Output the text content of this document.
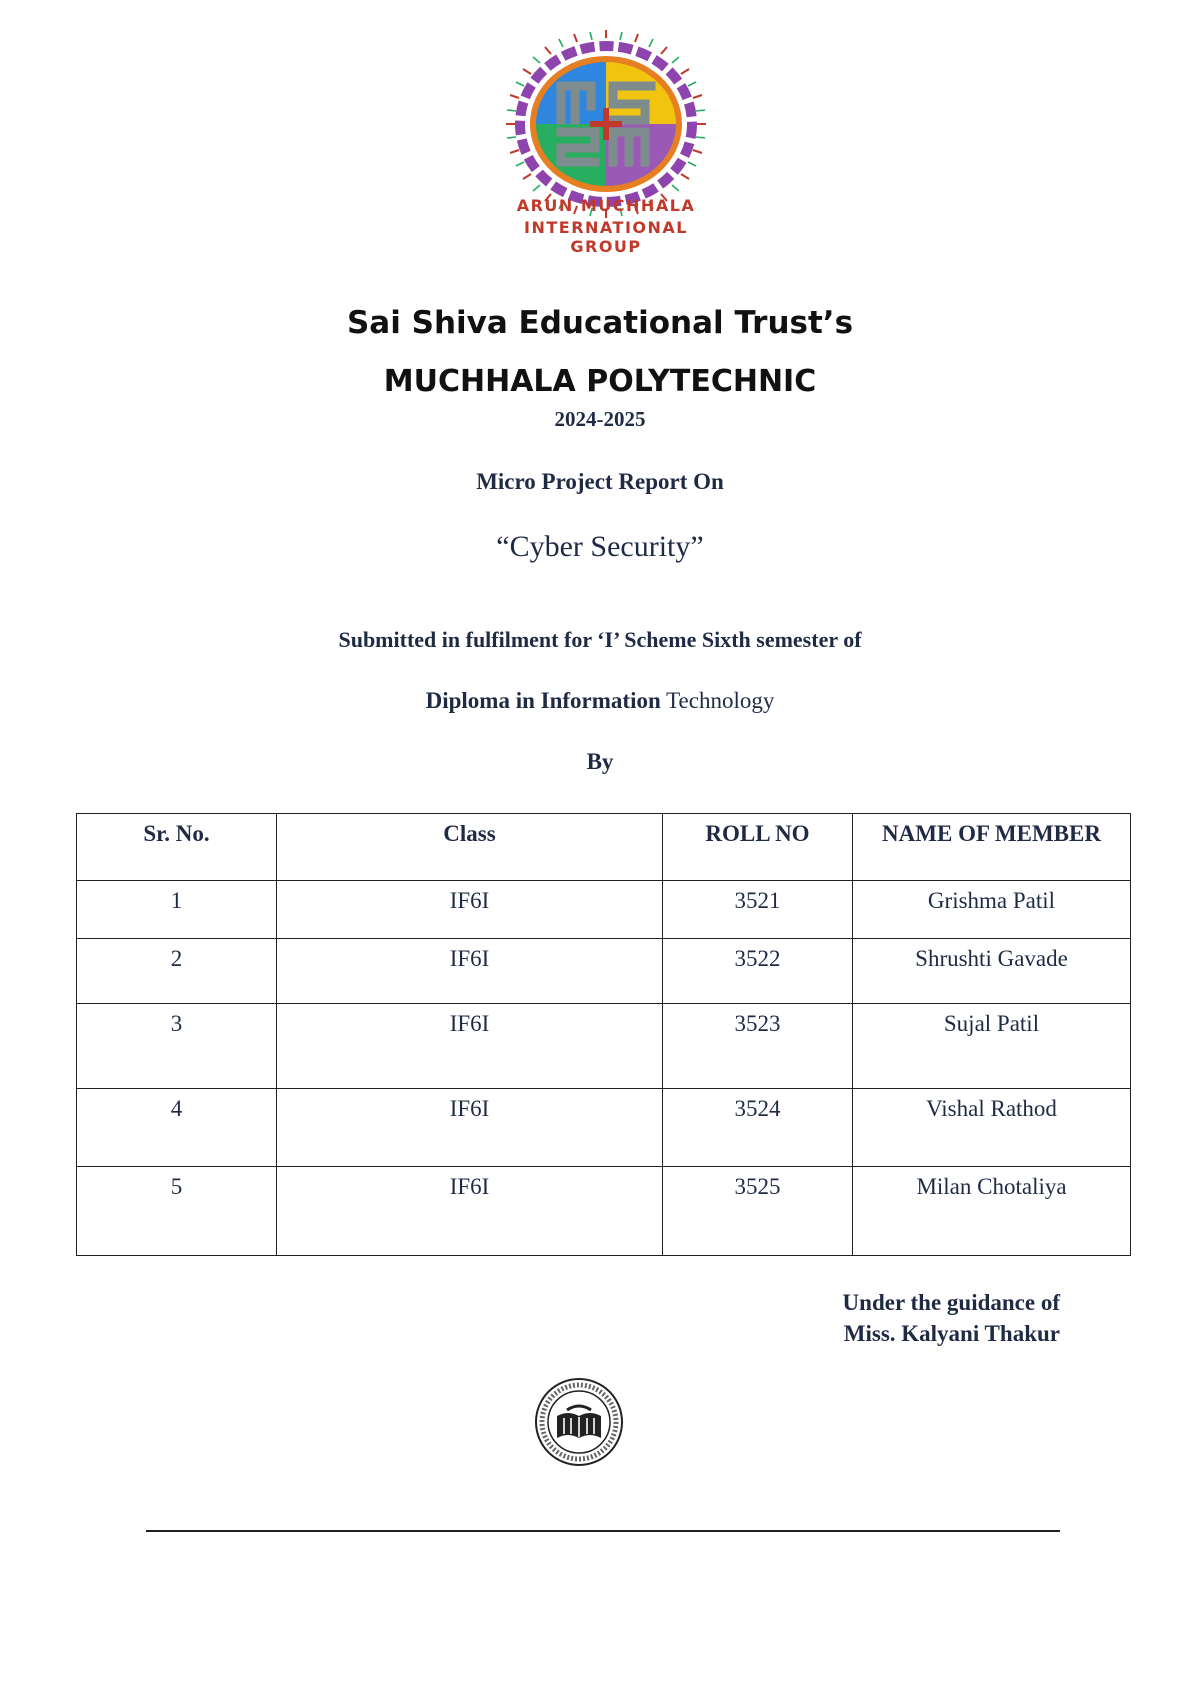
ARUN MUCHHALA
INTERNATIONAL GROUP
Sai Shiva Educational Trust’s
MUCHHALA POLYTECHNIC
2024-2025
Micro Project Report On
“Cyber Security”
Submitted in fulfilment for ‘I’ Scheme Sixth semester of
Diploma in Information Technology
By
Sr. No.	Class	ROLL NO	NAME OF MEMBER
1	IF6I	3521	Grishma Patil
2	IF6I	3522	Shrushti Gavade
3	IF6I	3523	Sujal Patil
4	IF6I	3524	Vishal Rathod
5	IF6I	3525	Milan Chotaliya
Under the guidance of
Miss. Kalyani Thakur
